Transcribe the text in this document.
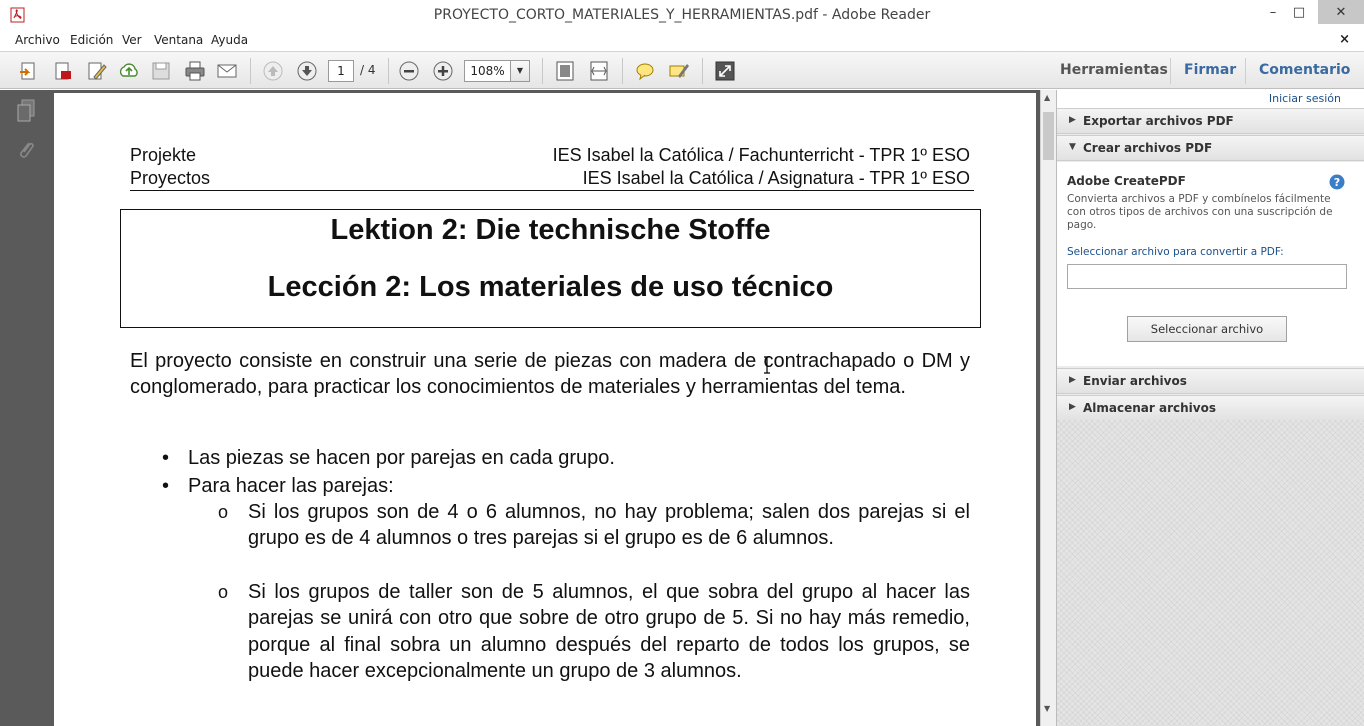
PROYECTO_CORTO_MATERIALES_Y_HERRAMIENTAS.pdf - Adobe Reader	–	□	✕
Archivo Edición Ver Ventana Ayuda	×
1	/ 4	108%	▼	Herramientas Firmar Comentario
Projekte	IES Isabel la Católica / Fachunterricht - TPR 1º ESO
Proyectos	IES Isabel la Católica / Asignatura - TPR 1º ESO
Lektion 2: Die technische Stoffe
Lección 2: Los materiales de uso técnico
El proyecto consiste en construir una serie de piezas con madera de contrachapado o DM y conglomerado, para practicar los conocimientos de materiales y herramientas del tema.
• Las piezas se hacen por parejas en cada grupo.
• Para hacer las parejas:
o Si los grupos son de 4 o 6 alumnos, no hay problema; salen dos parejas si el grupo es de 4 alumnos o tres parejas si el grupo es de 6 alumnos.
o Si los grupos de taller son de 5 alumnos, el que sobra del grupo al hacer las parejas se unirá con otro que sobre de otro grupo de 5. Si no hay más remedio, porque al final sobra un alumno después del reparto de todos los grupos, se puede hacer excepcionalmente un grupo de 3 alumnos.
▲
▼
Iniciar sesión
▶ Exportar archivos PDF
▼ Crear archivos PDF
Adobe CreatePDF	?
Convierta archivos a PDF y combínelos fácilmente con otros tipos de archivos con una suscripción de pago.
Seleccionar archivo para convertir a PDF:
Seleccionar archivo
▶ Enviar archivos
▶ Almacenar archivos
